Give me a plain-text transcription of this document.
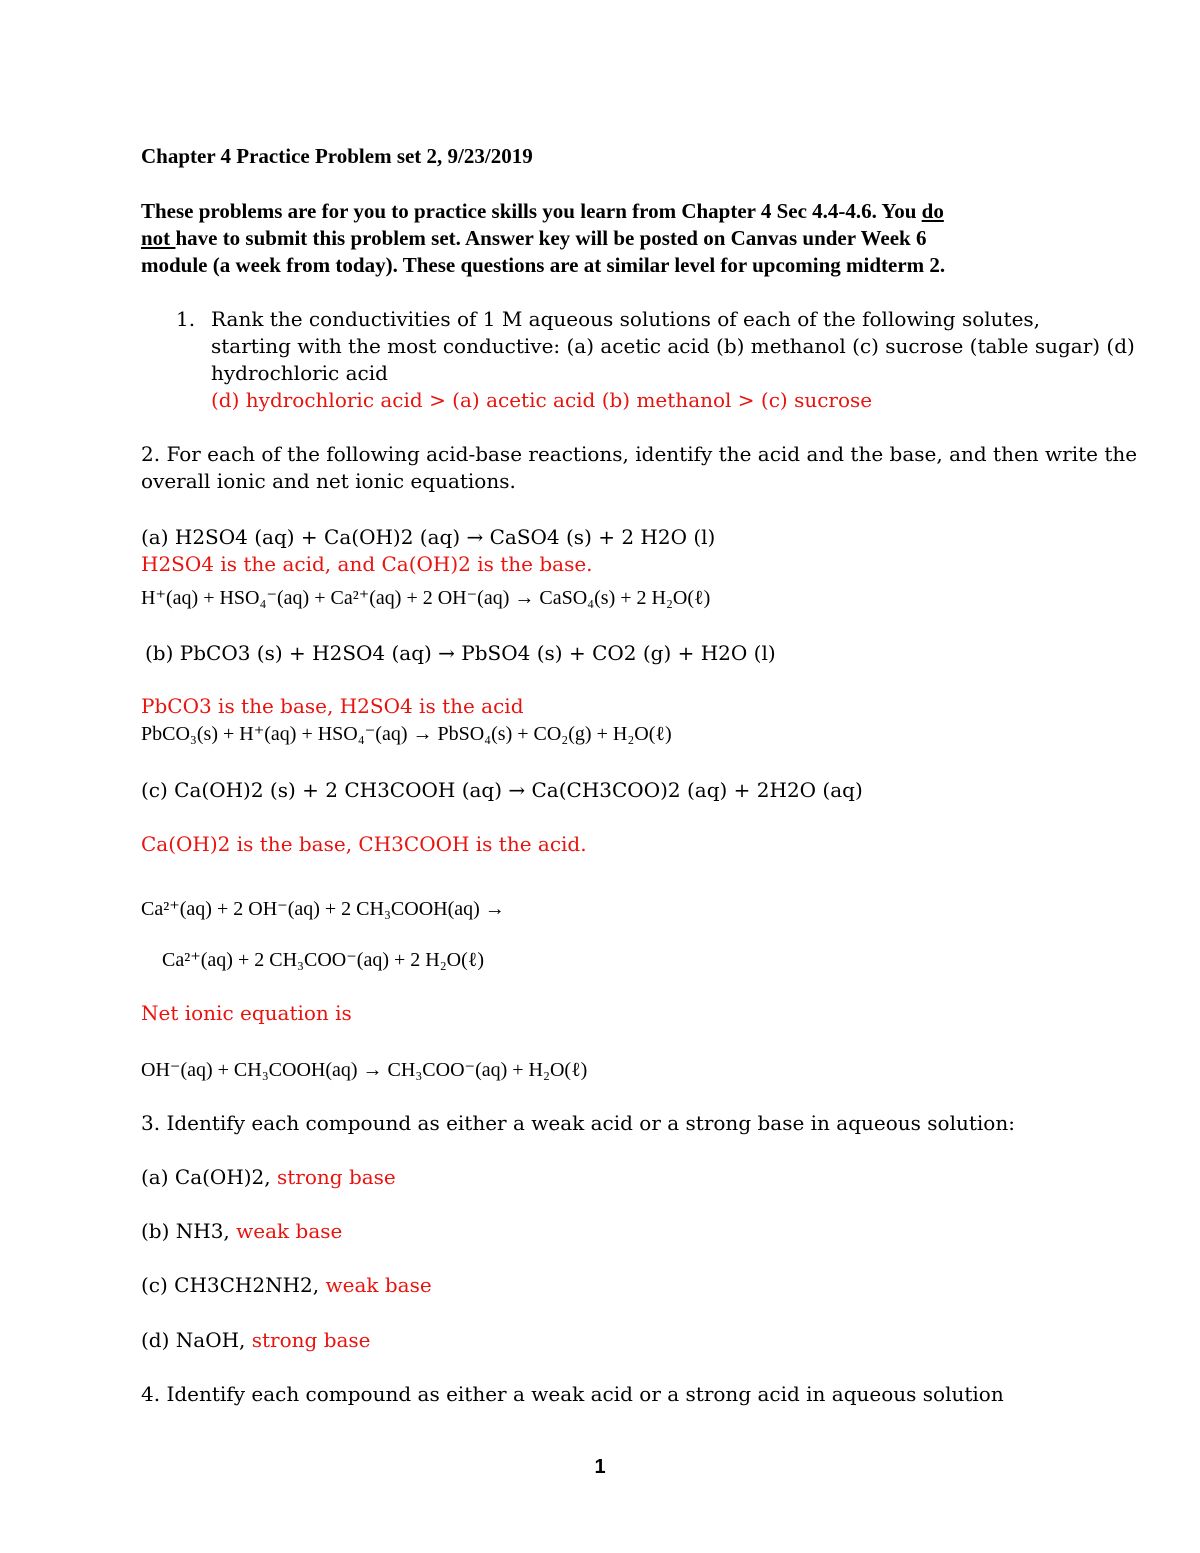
Chapter 4 Practice Problem set 2, 9/23/2019
These problems are for you to practice skills you learn from Chapter 4 Sec 4.4-4.6. You do
not have to submit this problem set. Answer key will be posted on Canvas under Week 6
module (a week from today). These questions are at similar level for upcoming midterm 2.
1. Rank the conductivities of 1 M aqueous solutions of each of the following solutes,
starting with the most conductive: (a) acetic acid (b) methanol (c) sucrose (table sugar) (d)
hydrochloric acid
(d) hydrochloric acid > (a) acetic acid (b) methanol > (c) sucrose
2. For each of the following acid-base reactions, identify the acid and the base, and then write the
overall ionic and net ionic equations.
(a) H2SO4 (aq) + Ca(OH)2 (aq) → CaSO4 (s) + 2 H2O (l)
H2SO4 is the acid, and Ca(OH)2 is the base.
H⁺(aq) + HSO₄⁻(aq) + Ca²⁺(aq) + 2 OH⁻(aq) → CaSO₄(s) + 2 H₂O(ℓ)
(b) PbCO3 (s) + H2SO4 (aq) → PbSO4 (s) + CO2 (g) + H2O (l)
PbCO3 is the base, H2SO4 is the acid
PbCO₃(s) + H⁺(aq) + HSO₄⁻(aq) → PbSO₄(s) + CO₂(g) + H₂O(ℓ)
(c) Ca(OH)2 (s) + 2 CH3COOH (aq) → Ca(CH3COO)2 (aq) + 2H2O (aq)
Ca(OH)2 is the base, CH3COOH is the acid.
Ca²⁺(aq) + 2 OH⁻(aq) + 2 CH₃COOH(aq) →
Ca²⁺(aq) + 2 CH₃COO⁻(aq) + 2 H₂O(ℓ)
Net ionic equation is
OH⁻(aq) + CH₃COOH(aq) → CH₃COO⁻(aq) + H₂O(ℓ)
3. Identify each compound as either a weak acid or a strong base in aqueous solution:
(a) Ca(OH)2, strong base
(b) NH3, weak base
(c) CH3CH2NH2, weak base
(d) NaOH, strong base
4. Identify each compound as either a weak acid or a strong acid in aqueous solution
1
